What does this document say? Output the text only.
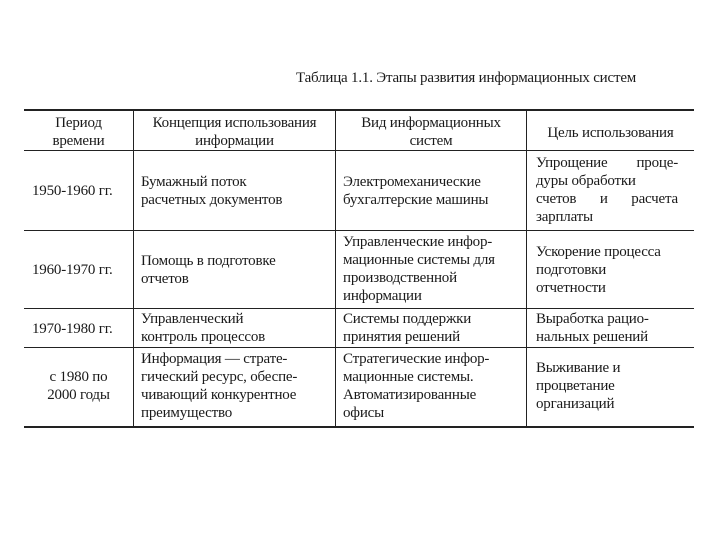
Таблица 1.1. Этапы развития информационных систем
Период
времени
Концепция использования
информации
Вид информационных
систем	Цель использования
1950-1960 гг.
Бумажный поток
расчетных документов
Электромеханические
бухгалтерские машины
Упрощение проце-
дуры обработки
счетов и расчета
зарплаты
1960-1970 гг.
Помощь в подготовке
отчетов
Управленческие инфор-
мационные системы для
производственной
информации
Ускорение процесса
подготовки
отчетности
1970-1980 гг.
Управленческий
контроль процессов
Системы поддержки
принятия решений
Выработка рацио-
нальных решений
с 1980 по
2000 годы
Информация — страте-
гический ресурс, обеспе-
чивающий конкурентное
преимущество
Стратегические инфор-
мационные системы.
Автоматизированные
офисы
Выживание и
процветание
организаций
